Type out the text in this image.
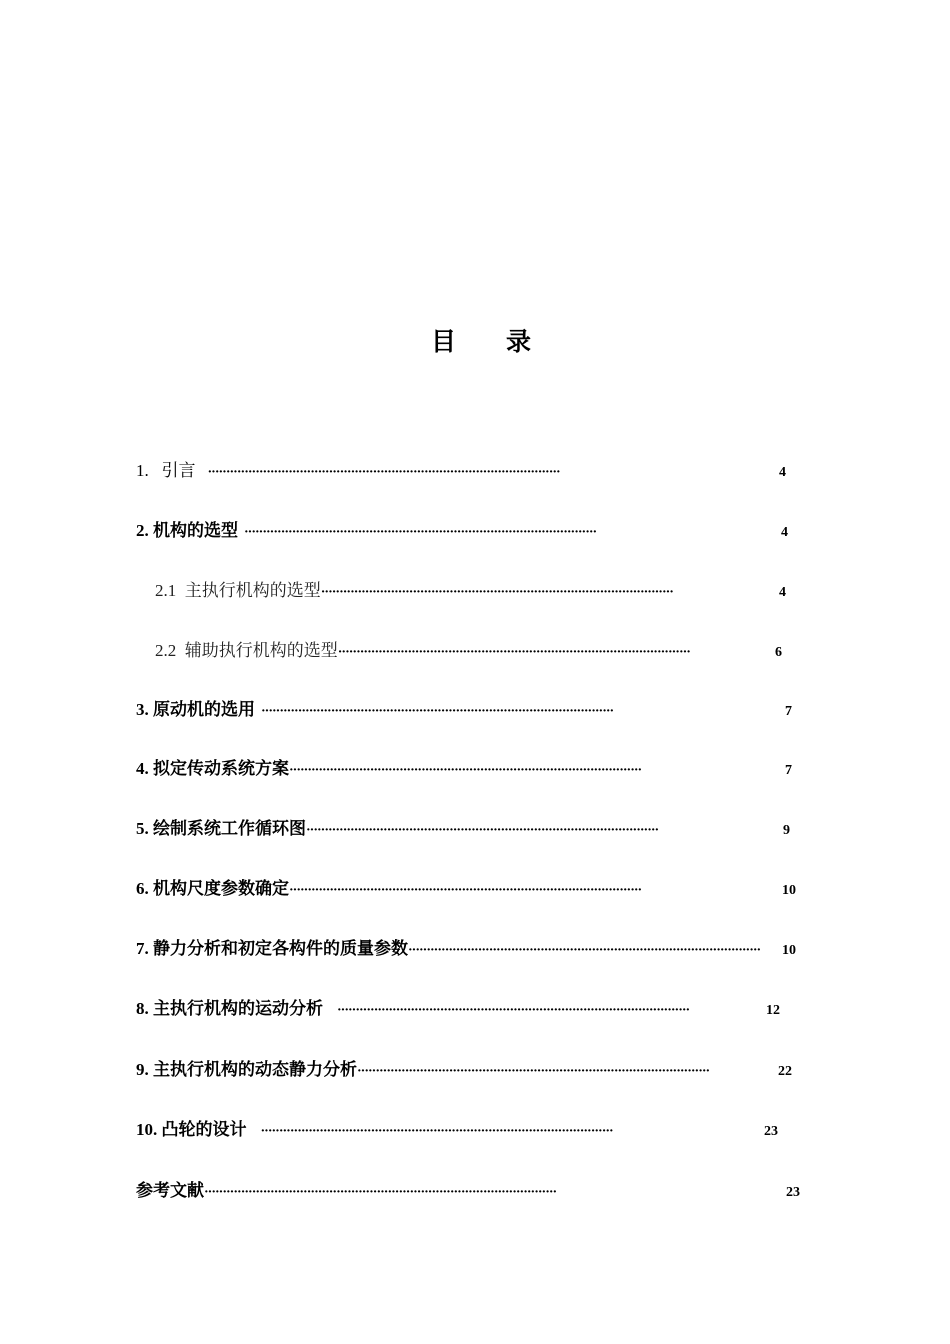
目 录
1. 引言 ································································································	4
2. 机构的选型 ································································································	4
2.1 主执行机构的选型 ································································································	4
2.2 辅助执行机构的选型 ································································································	6
3. 原动机的选用 ································································································	7
4. 拟定传动系统方案 ································································································	7
5. 绘制系统工作循环图 ································································································	9
6. 机构尺度参数确定 ································································································	10
7. 静力分析和初定各构件的质量参数 ································································································	10
8. 主执行机构的运动分析 ································································································	12
9. 主执行机构的动态静力分析 ································································································	22
10. 凸轮的设计 ································································································	23
参考文献 ································································································	23
